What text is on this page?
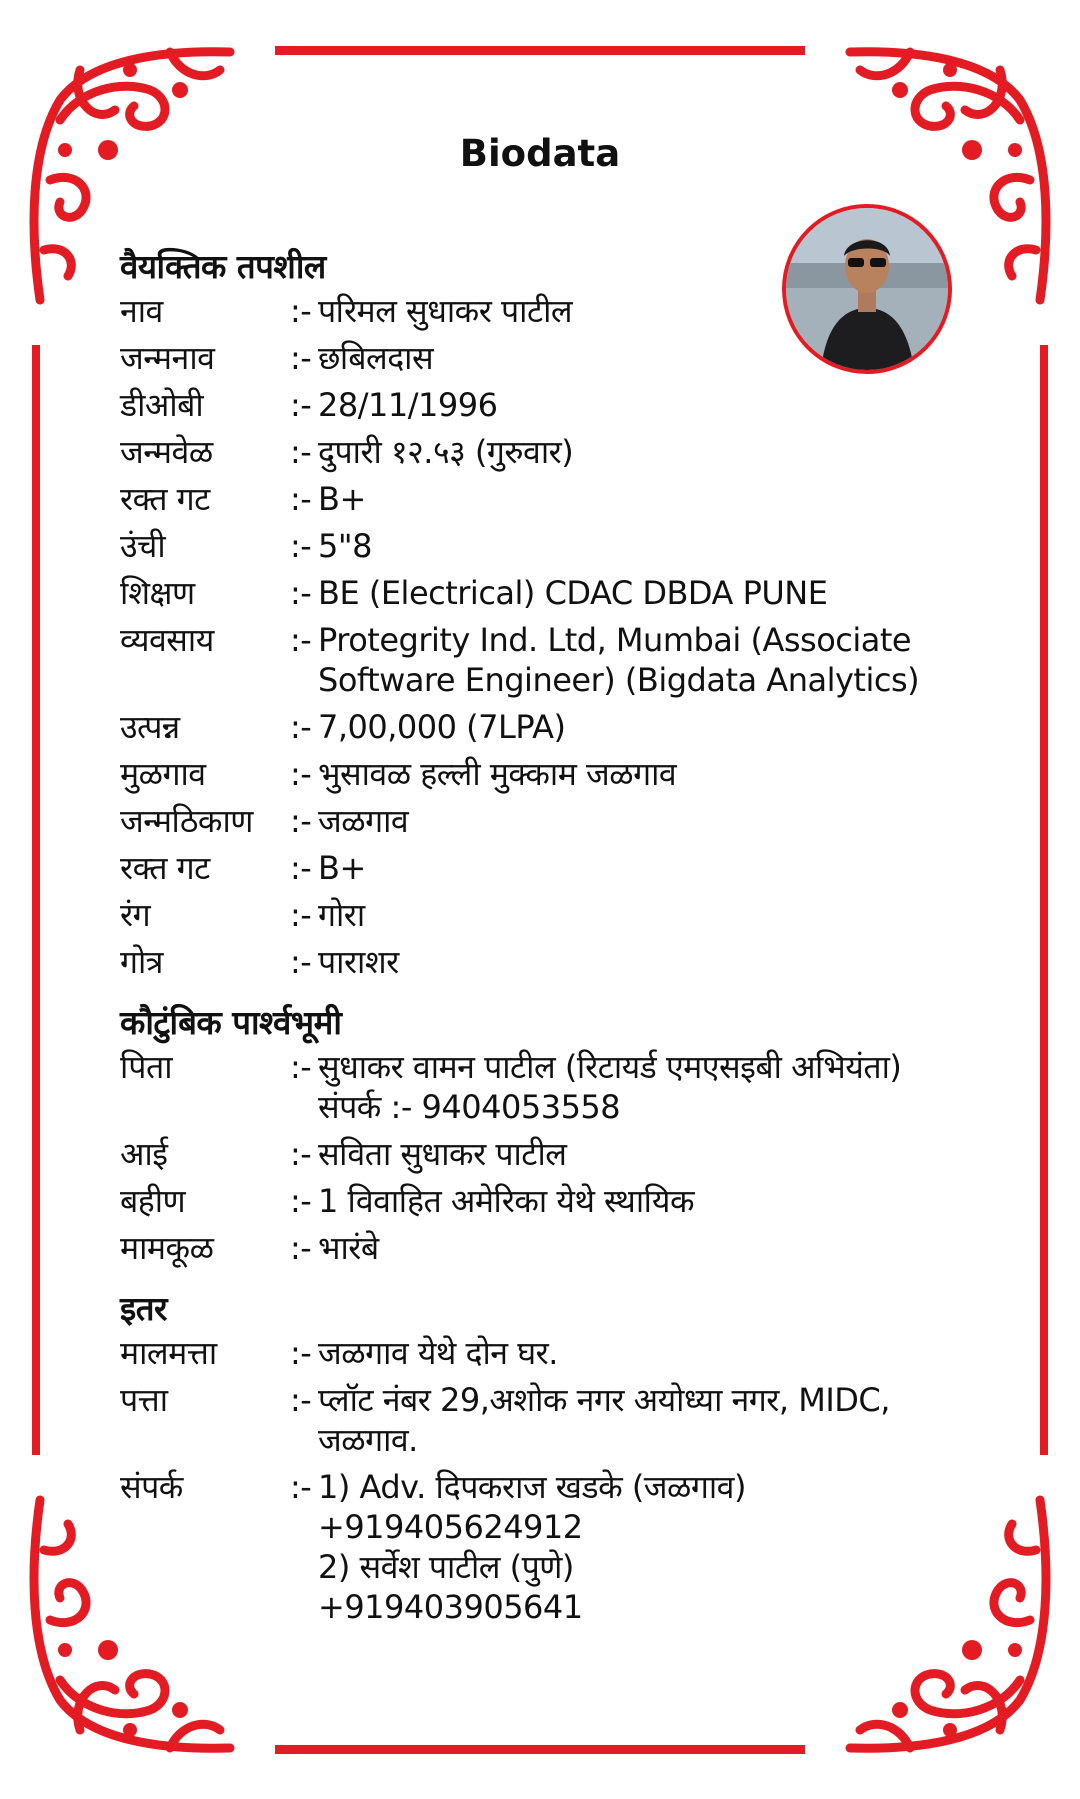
Biodata
वैयक्तिक तपशील
नाव	:- परिमल सुधाकर पाटील
जन्मनाव	:- छबिलदास
डीओबी	:- 28/11/1996
जन्मवेळ	:- दुपारी १२.५३ (गुरुवार)
रक्त गट	:- B+
उंची	:- 5"8
शिक्षण	:- BE (Electrical) CDAC DBDA PUNE
व्यवसाय	:- Protegrity Ind. Ltd, Mumbai (Associate
Software Engineer) (Bigdata Analytics)
उत्पन्न	:- 7,00,000 (7LPA)
मुळगाव	:- भुसावळ हल्ली मुक्काम जळगाव
जन्मठिकाण	:- जळगाव
रक्त गट	:- B+
रंग	:- गोरा
गोत्र	:- पाराशर
कौटुंबिक पार्श्वभूमी
पिता	:- सुधाकर वामन पाटील (रिटायर्ड एमएसइबी अभियंता)
संपर्क :- 9404053558
आई	:- सविता सुधाकर पाटील
बहीण	:- 1 विवाहित अमेरिका येथे स्थायिक
मामकूळ	:- भारंबे
इतर
मालमत्ता	:- जळगाव येथे दोन घर.
पत्ता	:- प्लॉट नंबर 29,अशोक नगर अयोध्या नगर, MIDC,
जळगाव.
संपर्क	:- 1) Adv. दिपकराज खडके (जळगाव)
+919405624912
2) सर्वेश पाटील (पुणे)
+919403905641
